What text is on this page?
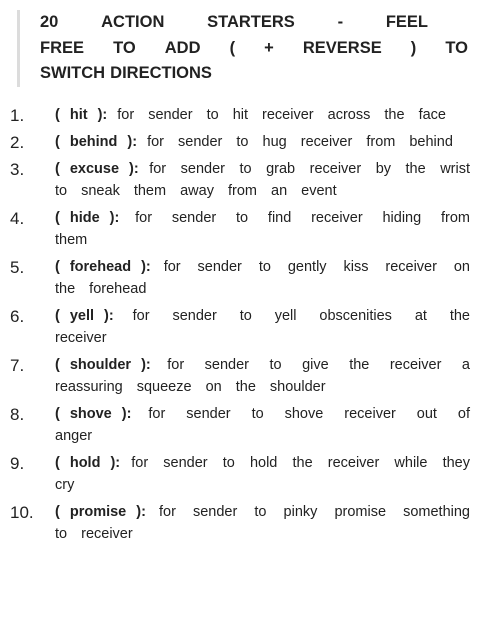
20	ACTION	STARTERS	-	FEEL
FREE TO ADD ( + REVERSE ) TO
SWITCH DIRECTIONS
1.	( hit ): for sender to hit receiver across the face
2.	( behind ): for sender to hug receiver from behind
3.	( excuse ): for sender to grab receiver by the wrist to sneak them away from an event
4.	( hide ): for sender to find receiver hiding from them
5.	( forehead ): for sender to gently kiss receiver on the forehead
6.	( yell ): for sender to yell obscenities at the receiver
7.	( shoulder ): for sender to give the receiver a reassuring squeeze on the shoulder
8.	( shove ): for sender to shove receiver out of anger
9.	( hold ): for sender to hold the receiver while they cry
10.	( promise ): for sender to pinky promise something to receiver
